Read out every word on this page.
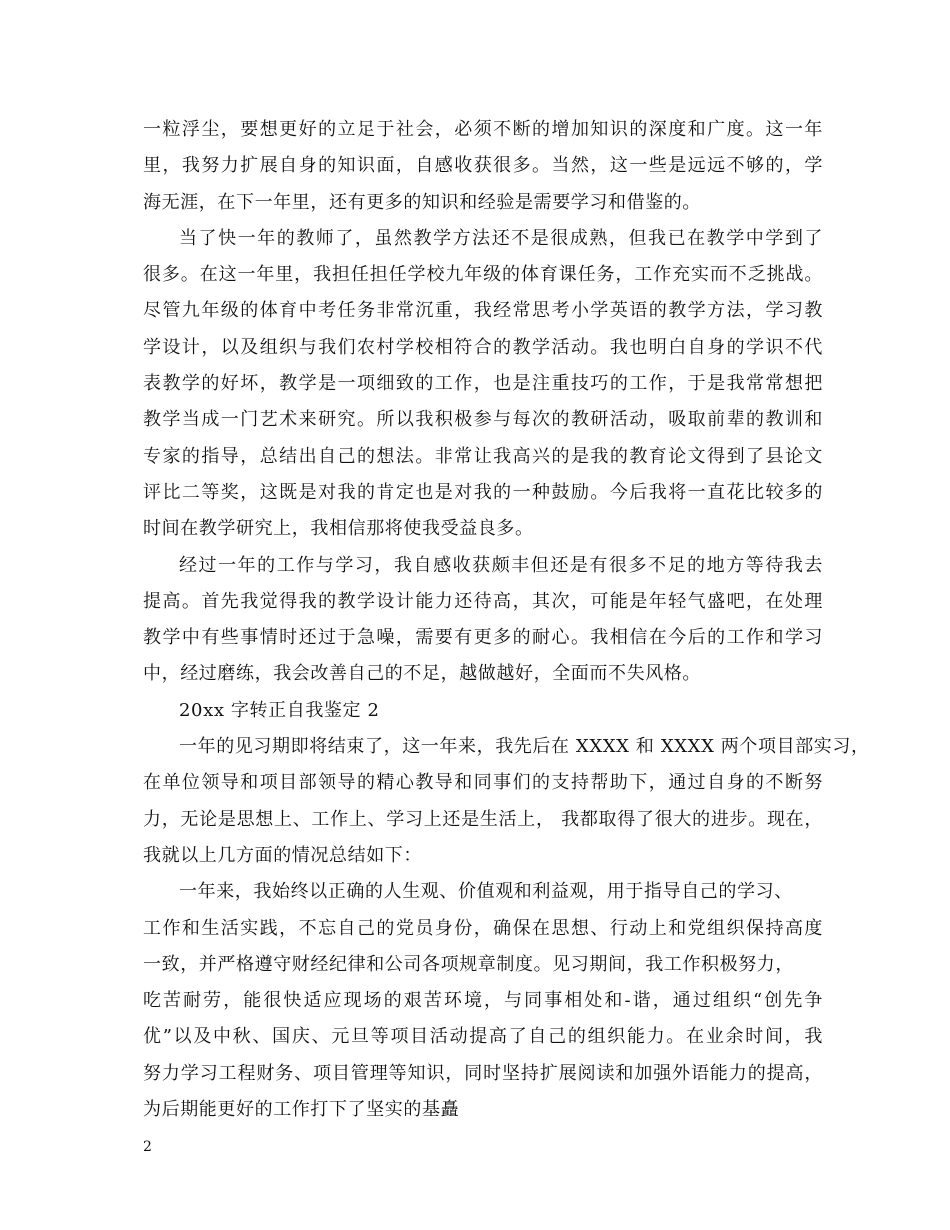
一粒浮尘，要想更好的立足于社会，必须不断的增加知识的深度和广度。这一年
里，我努力扩展自身的知识面，自感收获很多。当然，这一些是远远不够的，学
海无涯，在下一年里，还有更多的知识和经验是需要学习和借鉴的。
当了快一年的教师了，虽然教学方法还不是很成熟，但我已在教学中学到了
很多。在这一年里，我担任担任学校九年级的体育课任务，工作充实而不乏挑战。
尽管九年级的体育中考任务非常沉重，我经常思考小学英语的教学方法，学习教
学设计，以及组织与我们农村学校相符合的教学活动。我也明白自身的学识不代
表教学的好坏，教学是一项细致的工作，也是注重技巧的工作，于是我常常想把
教学当成一门艺术来研究。所以我积极参与每次的教研活动，吸取前辈的教训和
专家的指导，总结出自己的想法。非常让我高兴的是我的教育论文得到了县论文
评比二等奖，这既是对我的肯定也是对我的一种鼓励。今后我将一直花比较多的
时间在教学研究上，我相信那将使我受益良多。
经过一年的工作与学习，我自感收获颇丰但还是有很多不足的地方等待我去
提高。首先我觉得我的教学设计能力还待高，其次，可能是年轻气盛吧，在处理
教学中有些事情时还过于急噪，需要有更多的耐心。我相信在今后的工作和学习
中，经过磨练，我会改善自己的不足，越做越好，全面而不失风格。
20xx 字转正自我鉴定 2
一年的见习期即将结束了，这一年来，我先后在 XXXX 和 XXXX 两个项目部实习，
在单位领导和项目部领导的精心教导和同事们的支持帮助下，通过自身的不断努
力，无论是思想上、工作上、学习上还是生活上， 我都取得了很大的进步。现在，
我就以上几方面的情况总结如下：
一年来，我始终以正确的人生观、价值观和利益观，用于指导自己的学习、
工作和生活实践，不忘自己的党员身份，确保在思想、行动上和党组织保持高度
一致，并严格遵守财经纪律和公司各项规章制度。见习期间，我工作积极努力，
吃苦耐劳，能很快适应现场的艰苦环境，与同事相处和-谐，通过组织“创先争
优”以及中秋、国庆、元旦等项目活动提高了自己的组织能力。在业余时间，我
努力学习工程财务、项目管理等知识，同时坚持扩展阅读和加强外语能力的提高，
为后期能更好的工作打下了坚实的基矗
2
